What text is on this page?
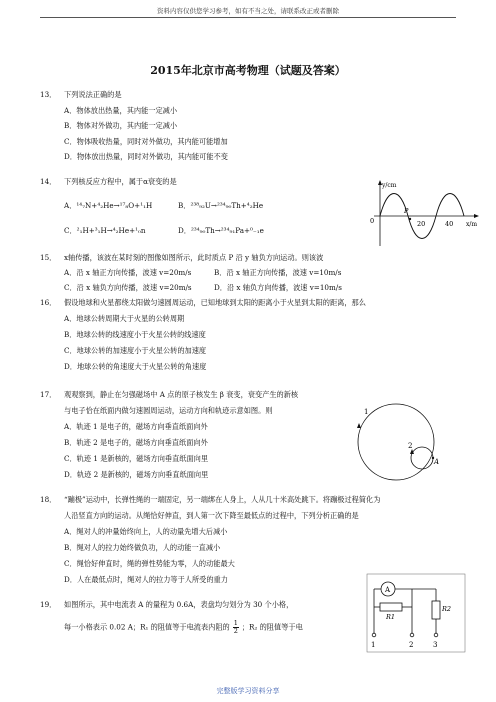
资料内容仅供您学习参考，如有不当之处，请联系改正或者删除
2015年北京市高考物理（试题及答案）
13． 下列说法正确的是
A．物体放出热量，其内能一定减小
B．物体对外做功，其内能一定减小
C．物体吸收热量，同时对外做功，其内能可能增加
D．物体放出热量，同时对外做功，其内能可能不变
14． 下列核反应方程中，属于α衰变的是
A．¹⁴₇N+⁴₂He→¹⁷₈O+¹₁H	B．²³⁸₉₂U→²³⁴₉₀Th+⁴₂He
C．²₁H+³₁H→⁴₂He+¹₀n	D．²³⁴₉₀Th→²³⁴₉₁Pa+⁰₋₁e
y/cm
0
P
20	40 x/m
15． x轴传播，该波在某时刻的图像如图所示，此时质点 P 沿 y 轴负方向运动。则该波
A．沿 x 轴正方向传播，波速 v=20m/s	B．沿 x 轴正方向传播，波速 v=10m/s
C．沿 x 轴负方向传播，波速 v=20m/s	D．沿 x 轴负方向传播，波速 v=10m/s
16． 假设地球和火星都绕太阳做匀速圆周运动，已知地球到太阳的距离小于火星到太阳的距离，那么
A．地球公转周期大于火星的公转周期
B．地球公转的线速度小于火星公转的线速度
C．地球公转的加速度小于火星公转的加速度
D．地球公转的角速度大于火星公转的角速度
17． 观观察到，静止在匀强磁场中 A 点的原子核发生 β 衰变，衰变产生的新核
与电子恰在纸面内做匀速圆周运动，运动方向和轨迹示意如图。则
A．轨迹 1 是电子的，磁场方向垂直纸面向外
B．轨迹 2 是电子的，磁场方向垂直纸面向外
C．轨迹 1 是新核的，磁场方向垂直纸面向里
D．轨迹 2 是新核的，磁场方向垂直纸面向里
1
2
A
18． “蹦极”运动中，长弹性绳的一端固定，另一端绑在人身上，人从几十米高处跳下。将蹦极过程简化为
人沿竖直方向的运动。从绳恰好伸直，到人第一次下降至最低点的过程中，下列分析正确的是
A．绳对人的冲量始终向上，人的动量先增大后减小
B．绳对人的拉力始终做负功，人的动能一直减小
C．绳恰好伸直时，绳的弹性势能为零，人的动能最大
D．人在最低点时，绳对人的拉力等于人所受的重力
A
R1
R2
1	2	3
19． 如图所示，其中电流表 A 的量程为 0.6A，表盘均匀划分为 30 个小格，
每一小格表示 0.02 A；R₁ 的阻值等于电流表内阻的 $\frac{1}{2}$ ；R₂ 的阻值等于电
完整版学习资料分享
